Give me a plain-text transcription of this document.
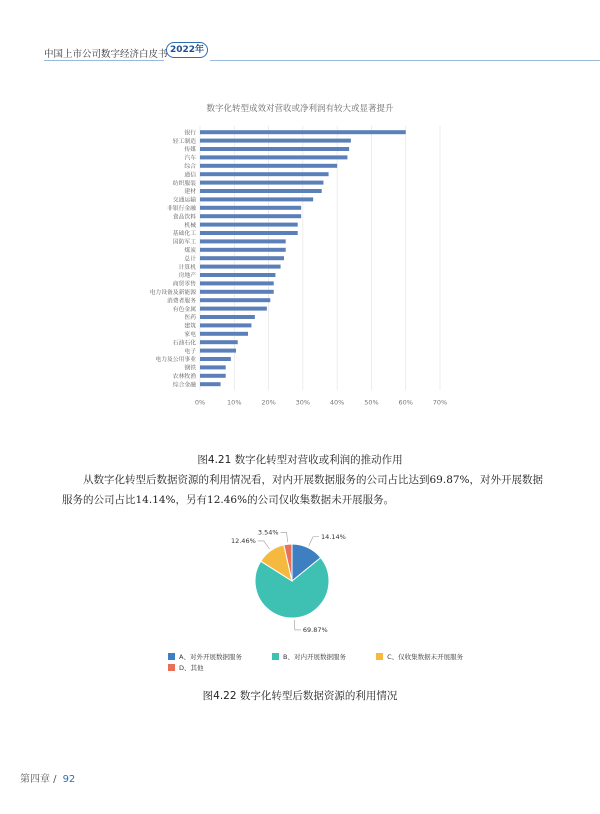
中国上市公司数字经济白皮书 2022年
数字化转型成效对营收或净利润有较大或显著提升
银行
轻工制造
传媒
汽车
综合
通信
纺织服装
建材
交通运输
非银行金融
食品饮料
机械
基础化工
国防军工
煤炭
总计
计算机
房地产
商贸零售
电力设备及新能源
消费者服务
有色金属
医药
建筑
家电
石油石化
电子
电力及公用事业
钢铁
农林牧渔
综合金融
0%	10%	20%	30%	40%	50%	60%	70%
图4.21 数字化转型对营收或利润的推动作用
从数字化转型后数据资源的利用情况看，对内开展数据服务的公司占比达到69.87%，对外开展数据服务的公司占比14.14%，另有12.46%的公司仅收集数据未开展服务。
14.14%
69.87%
12.46%
3.54%
A、对外开展数据服务
	B、对内开展数据服务
	C、仅收集数据未开展服务
D、其他
图4.22 数字化转型后数据资源的利用情况
第四章 / 92
